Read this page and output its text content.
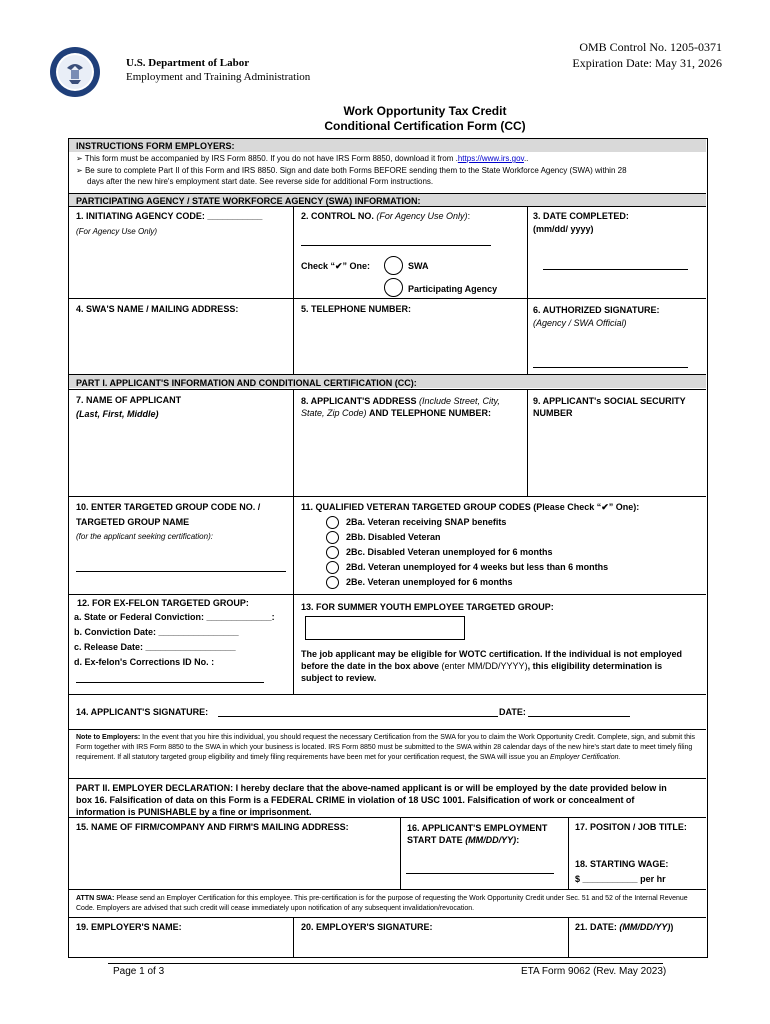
U.S. Department of Labor
Employment and Training Administration
OMB Control No. 1205-0371
Expiration Date: May 31, 2026
Work Opportunity Tax Credit
Conditional Certification Form (CC)
INSTRUCTIONS FORM EMPLOYERS:
➢ This form must be accompanied by IRS Form 8850. If you do not have IRS Form 8850, download it from .https://www.irs.gov..
➢ Be sure to complete Part II of this Form and IRS 8850. Sign and date both Forms BEFORE sending them to the State Workforce Agency (SWA) within 28
days after the new hire's employment start date. See reverse side for additional Form instructions.
PARTICIPATING AGENCY / STATE WORKFORCE AGENCY (SWA) INFORMATION:
1. INITIATING AGENCY CODE: ___________
(For Agency Use Only)
2. CONTROL NO. (For Agency Use Only):
Check “✔” One:	SWA
Participating Agency
3. DATE COMPLETED:
(mm/dd/ yyyy)
4. SWA'S NAME / MAILING ADDRESS:	5. TELEPHONE NUMBER:	6. AUTHORIZED SIGNATURE:
(Agency / SWA Official)
PART I. APPLICANT'S INFORMATION AND CONDITIONAL CERTIFICATION (CC):
7. NAME OF APPLICANT
(Last, First, Middle)
8. APPLICANT'S ADDRESS (Include Street, City, State, Zip Code) AND TELEPHONE NUMBER:
9. APPLICANT's SOCIAL SECURITY NUMBER
10. ENTER TARGETED GROUP CODE NO. /
TARGETED GROUP NAME
(for the applicant seeking certification):
11. QUALIFIED VETERAN TARGETED GROUP CODES (Please Check “✔” One):
2Ba. Veteran receiving SNAP benefits
2Bb. Disabled Veteran
2Bc. Disabled Veteran unemployed for 6 months
2Bd. Veteran unemployed for 4 weeks but less than 6 months
2Be. Veteran unemployed for 6 months
12. FOR EX-FELON TARGETED GROUP:
a. State or Federal Conviction: _____________:
b. Conviction Date: ________________
c. Release Date: __________________
d. Ex-felon's Corrections ID No. :
13. FOR SUMMER YOUTH EMPLOYEE TARGETED GROUP:
The job applicant may be eligible for WOTC certification. If the individual is not employed
before the date in the box above (enter MM/DD/YYYY), this eligibility determination is
subject to review.
14. APPLICANT'S SIGNATURE:	DATE:
Note to Employers: In the event that you hire this individual, you should request the necessary Certification from the SWA for you to claim the Work Opportunity Credit. Complete, sign, and submit this Form together with IRS Form 8850 to the SWA in which your business is located. IRS Form 8850 must be submitted to the SWA within 28 calendar days of the new hire's start date to meet timely filing requirement. If all statutory targeted group eligibility and timely filing requirements have been met for your certification request, the SWA will issue you an Employer Certification.
PART II. EMPLOYER DECLARATION: I hereby declare that the above-named applicant is or will be employed by the date provided below in
box 16. Falsification of data on this Form is a FEDERAL CRIME in violation of 18 USC 1001. Falsification of work or concealment of
information is PUNISHABLE by a fine or imprisonment.
15. NAME OF FIRM/COMPANY AND FIRM'S MAILING ADDRESS:	16. APPLICANT'S EMPLOYMENT START DATE (MM/DD/YY):
17. POSITON / JOB TITLE:
18. STARTING WAGE:
$ ___________ per hr
ATTN SWA: Please send an Employer Certification for this employee. This pre-certification is for the purpose of requesting the Work Opportunity Credit under Sec. 51 and 52 of the Internal Revenue Code. Employers are advised that such credit will cease immediately upon notification of any subsequent invalidation/revocation.
19. EMPLOYER'S NAME:	20. EMPLOYER'S SIGNATURE:	21. DATE: (MM/DD/YY))
Page 1 of 3	ETA Form 9062 (Rev. May 2023)
